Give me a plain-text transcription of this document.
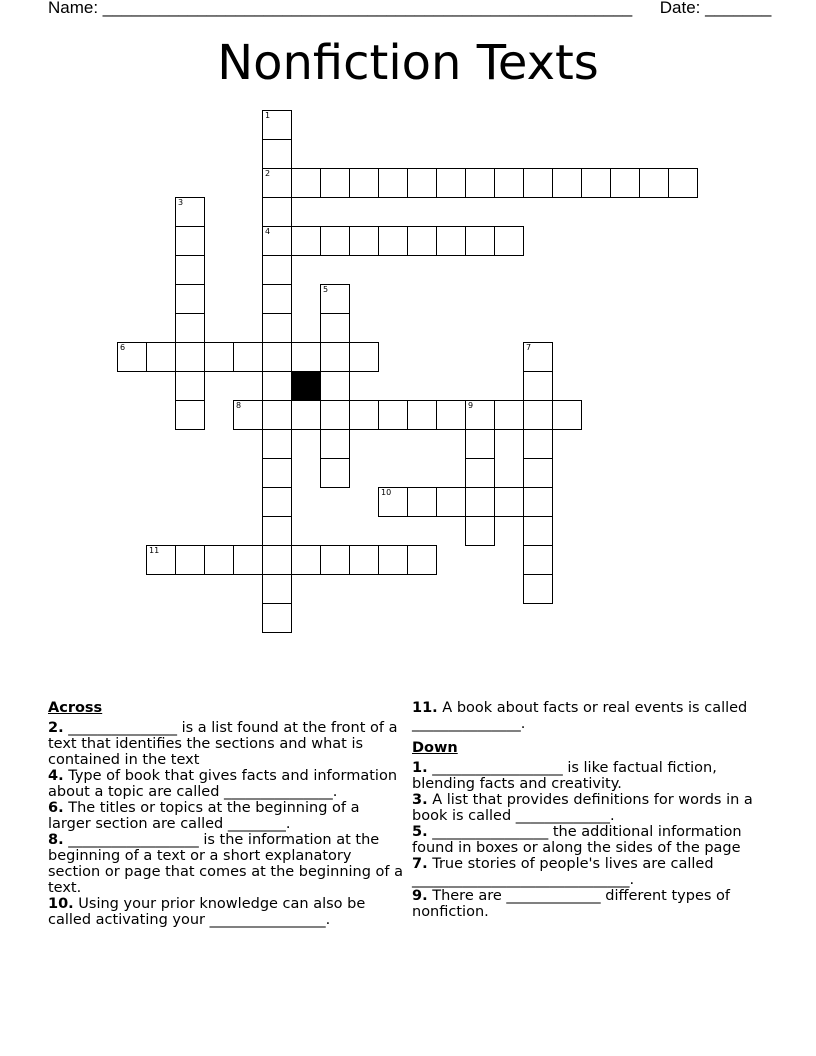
Name: ________________________________________________________ Date: _______
Nonfiction Texts
1
2
4
3
5
6	7
8	9
10
11
Across

2. _______________ is a list found at the front of a text that identifies the sections and what is contained in the text

4. Type of book that gives facts and information about a topic are called _______________.

6. The titles or topics at the beginning of a larger section are called ________.

8. __________________ is the information at the beginning of a text or a short explanatory section or page that comes at the beginning of a text.

10. Using your prior knowledge can also be called activating your ________________.

11. A book about facts or real events is called _______________.

Down

1. __________________ is like factual fiction, blending facts and creativity.

3. A list that provides definitions for words in a book is called _____________.

5. ________________ the additional information found in boxes or along the sides of the page

7. True stories of people's lives are called ______________________________.

9. There are _____________ different types of nonfiction.
